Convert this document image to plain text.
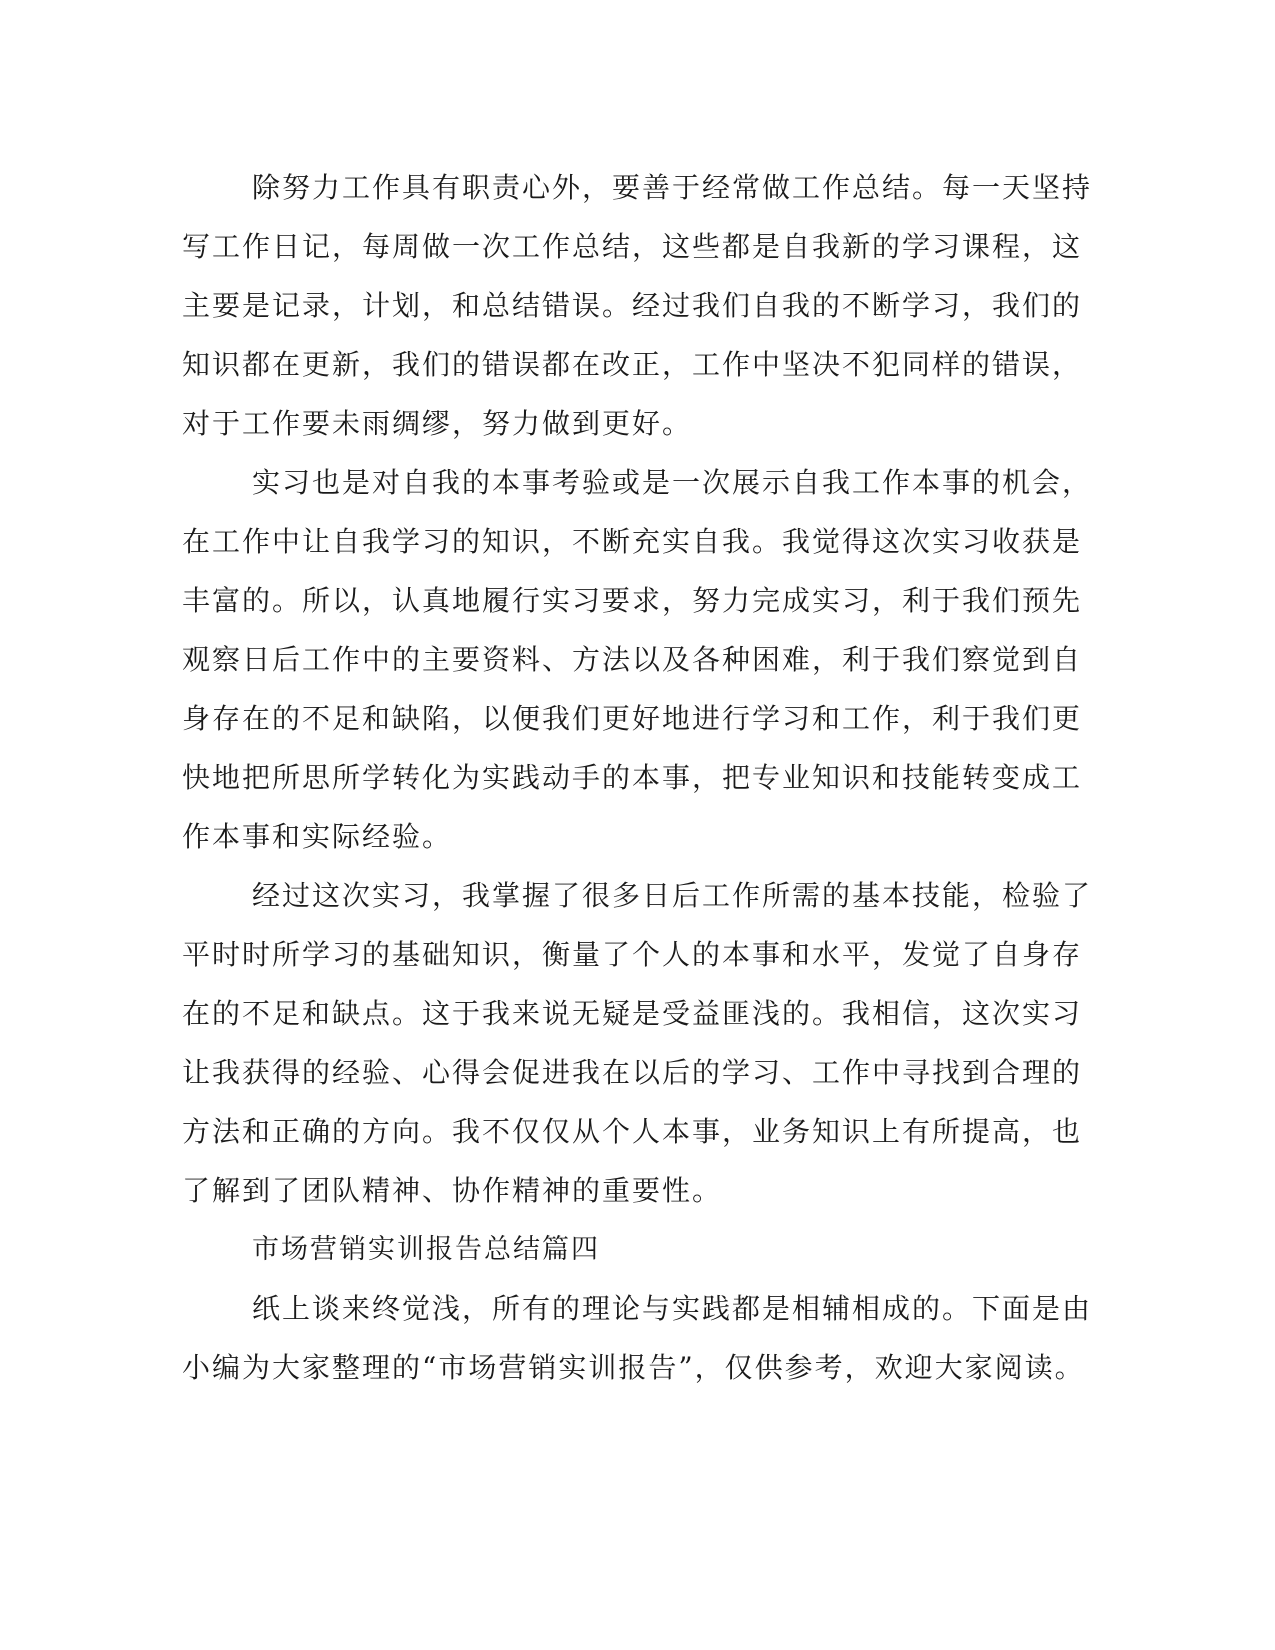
除努力工作具有职责心外，要善于经常做工作总结。每一天坚持
写工作日记，每周做一次工作总结，这些都是自我新的学习课程，这
主要是记录，计划，和总结错误。经过我们自我的不断学习，我们的
知识都在更新，我们的错误都在改正，工作中坚决不犯同样的错误，
对于工作要未雨绸缪，努力做到更好。
实习也是对自我的本事考验或是一次展示自我工作本事的机会，
在工作中让自我学习的知识，不断充实自我。我觉得这次实习收获是
丰富的。所以，认真地履行实习要求，努力完成实习，利于我们预先
观察日后工作中的主要资料、方法以及各种困难，利于我们察觉到自
身存在的不足和缺陷，以便我们更好地进行学习和工作，利于我们更
快地把所思所学转化为实践动手的本事，把专业知识和技能转变成工
作本事和实际经验。
经过这次实习，我掌握了很多日后工作所需的基本技能，检验了
平时时所学习的基础知识，衡量了个人的本事和水平，发觉了自身存
在的不足和缺点。这于我来说无疑是受益匪浅的。我相信，这次实习
让我获得的经验、心得会促进我在以后的学习、工作中寻找到合理的
方法和正确的方向。我不仅仅从个人本事，业务知识上有所提高，也
了解到了团队精神、协作精神的重要性。
市场营销实训报告总结篇四
纸上谈来终觉浅，所有的理论与实践都是相辅相成的。下面是由
小编为大家整理的“市场营销实训报告”，仅供参考，欢迎大家阅读。
